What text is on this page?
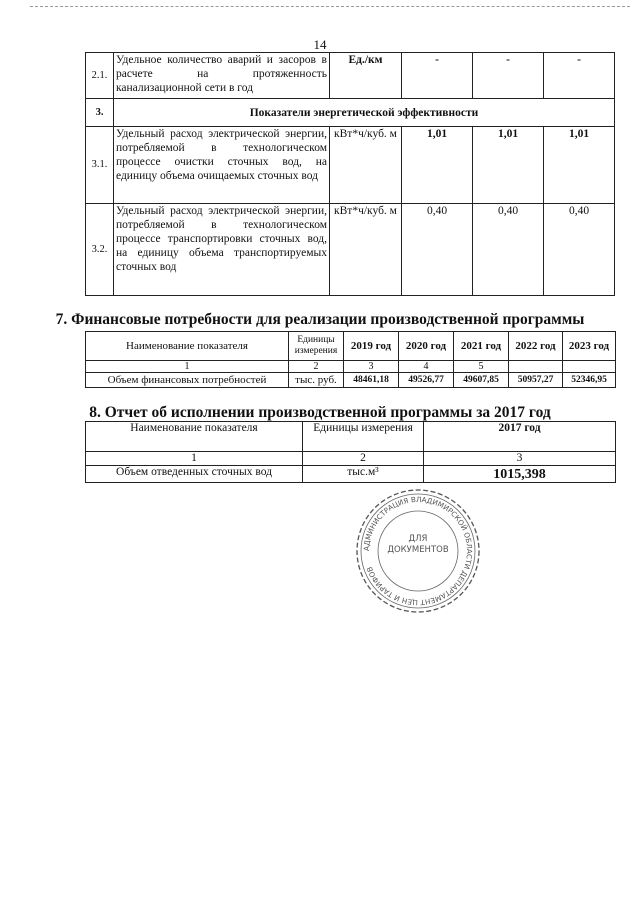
14
2.1.	Удельное количество аварий и засоров в расчете на протяженность канализационной сети в год	Ед./км	-	-	-
3.	Показатели энергетической эффективности				
3.1.	Удельный расход электрической энергии, потребляемой в технологическом процессе очистки сточных вод, на единицу объема очищаемых сточных вод	кВт*ч/куб. м	1,01	1,01	1,01
3.2.	Удельный расход электрической энергии, потребляемой в технологическом процессе транспортировки сточных вод, на единицу объема транспортируемых сточных вод	кВт*ч/куб. м	0,40	0,40	0,40
7. Финансовые потребности для реализации производственной программы
Наименование показателя	Единицы измерения	2019 год	2020 год	2021 год	2022 год	2023 год
1	2	3	4	5		
Объем финансовых потребностей	тыс. руб.	48461,18	49526,77	49607,85	50957,27	52346,95
8. Отчет об исполнении производственной программы за 2017 год
Наименование показателя	Единицы измерения	2017 год
1	2	3
Объем отведенных сточных вод	тыс.м³	1015,398
АДМИНИСТРАЦИЯ ВЛАДИМИРСКОЙ ОБЛАСТИ ДЕПАРТАМЕНТ ЦЕН И ТАРИФОВ
ДЛЯ ДОКУМЕНТОВ
